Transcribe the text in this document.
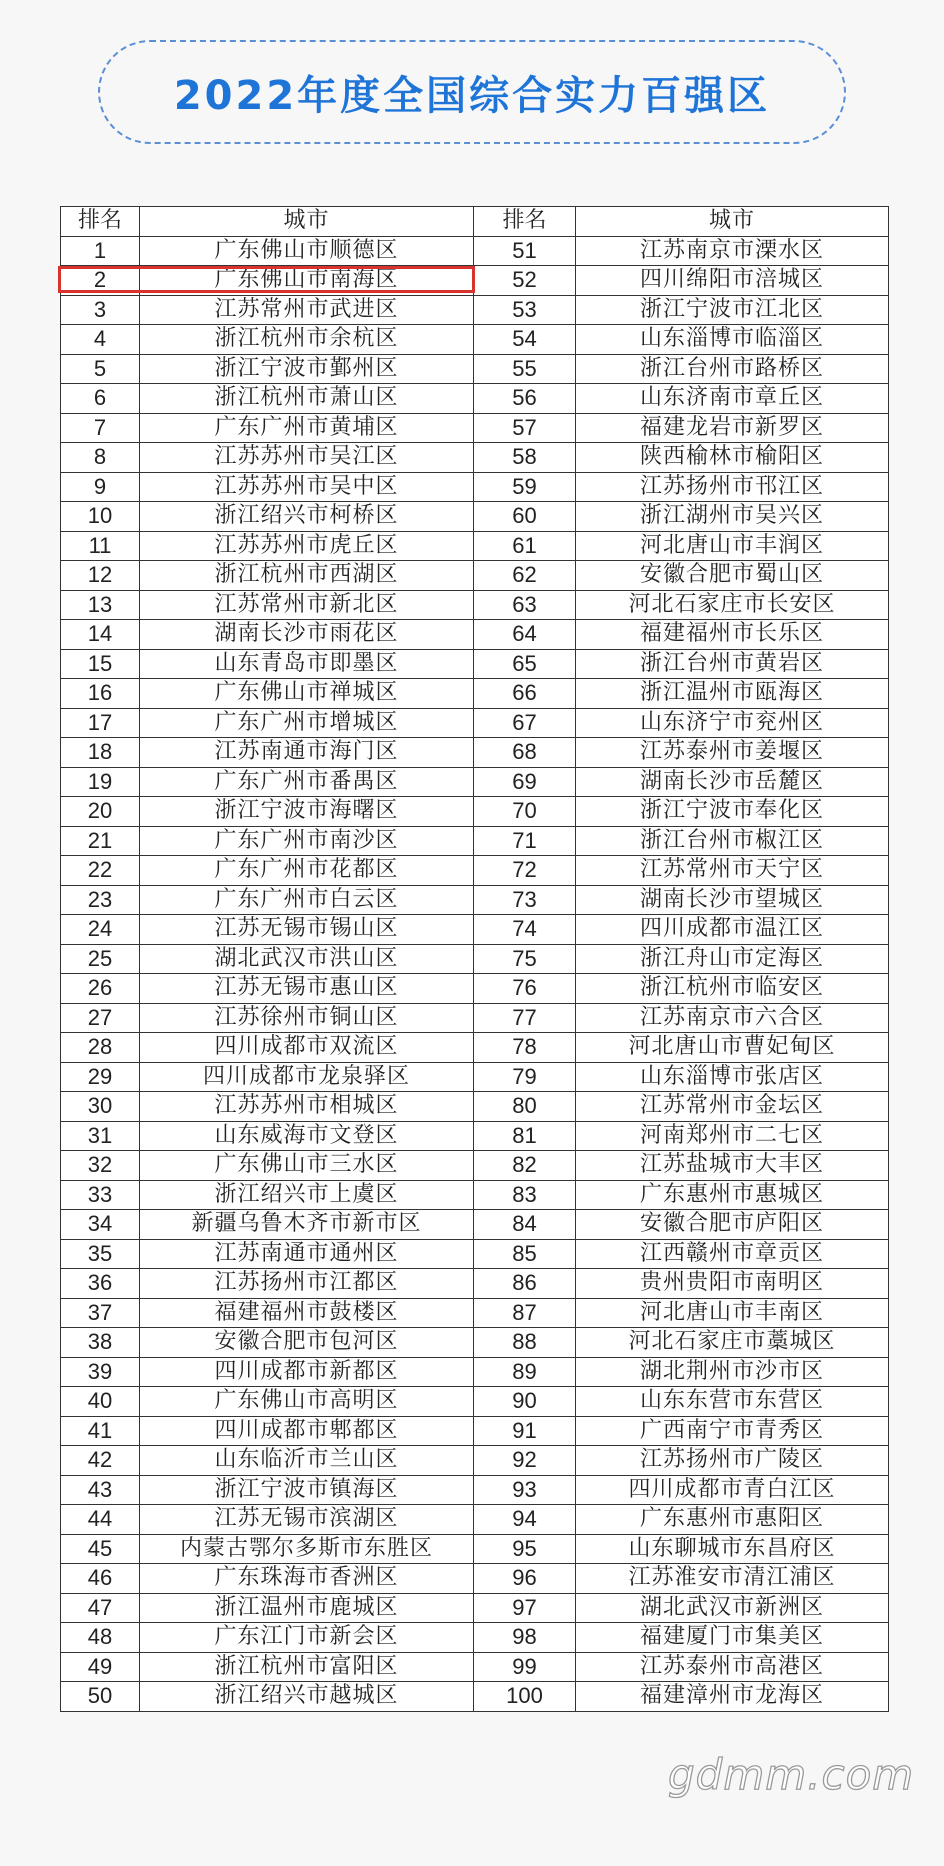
2022年度全国综合实力百强区
排名	城市	排名	城市
1	广东佛山市顺德区	51	江苏南京市溧水区
2	广东佛山市南海区	52	四川绵阳市涪城区
3	江苏常州市武进区	53	浙江宁波市江北区
4	浙江杭州市余杭区	54	山东淄博市临淄区
5	浙江宁波市鄞州区	55	浙江台州市路桥区
6	浙江杭州市萧山区	56	山东济南市章丘区
7	广东广州市黄埔区	57	福建龙岩市新罗区
8	江苏苏州市吴江区	58	陕西榆林市榆阳区
9	江苏苏州市吴中区	59	江苏扬州市邗江区
10	浙江绍兴市柯桥区	60	浙江湖州市吴兴区
11	江苏苏州市虎丘区	61	河北唐山市丰润区
12	浙江杭州市西湖区	62	安徽合肥市蜀山区
13	江苏常州市新北区	63	河北石家庄市长安区
14	湖南长沙市雨花区	64	福建福州市长乐区
15	山东青岛市即墨区	65	浙江台州市黄岩区
16	广东佛山市禅城区	66	浙江温州市瓯海区
17	广东广州市增城区	67	山东济宁市兖州区
18	江苏南通市海门区	68	江苏泰州市姜堰区
19	广东广州市番禺区	69	湖南长沙市岳麓区
20	浙江宁波市海曙区	70	浙江宁波市奉化区
21	广东广州市南沙区	71	浙江台州市椒江区
22	广东广州市花都区	72	江苏常州市天宁区
23	广东广州市白云区	73	湖南长沙市望城区
24	江苏无锡市锡山区	74	四川成都市温江区
25	湖北武汉市洪山区	75	浙江舟山市定海区
26	江苏无锡市惠山区	76	浙江杭州市临安区
27	江苏徐州市铜山区	77	江苏南京市六合区
28	四川成都市双流区	78	河北唐山市曹妃甸区
29	四川成都市龙泉驿区	79	山东淄博市张店区
30	江苏苏州市相城区	80	江苏常州市金坛区
31	山东威海市文登区	81	河南郑州市二七区
32	广东佛山市三水区	82	江苏盐城市大丰区
33	浙江绍兴市上虞区	83	广东惠州市惠城区
34	新疆乌鲁木齐市新市区	84	安徽合肥市庐阳区
35	江苏南通市通州区	85	江西赣州市章贡区
36	江苏扬州市江都区	86	贵州贵阳市南明区
37	福建福州市鼓楼区	87	河北唐山市丰南区
38	安徽合肥市包河区	88	河北石家庄市藁城区
39	四川成都市新都区	89	湖北荆州市沙市区
40	广东佛山市高明区	90	山东东营市东营区
41	四川成都市郫都区	91	广西南宁市青秀区
42	山东临沂市兰山区	92	江苏扬州市广陵区
43	浙江宁波市镇海区	93	四川成都市青白江区
44	江苏无锡市滨湖区	94	广东惠州市惠阳区
45	内蒙古鄂尔多斯市东胜区	95	山东聊城市东昌府区
46	广东珠海市香洲区	96	江苏淮安市清江浦区
47	浙江温州市鹿城区	97	湖北武汉市新洲区
48	广东江门市新会区	98	福建厦门市集美区
49	浙江杭州市富阳区	99	江苏泰州市高港区
50	浙江绍兴市越城区	100	福建漳州市龙海区
gdmm.com
